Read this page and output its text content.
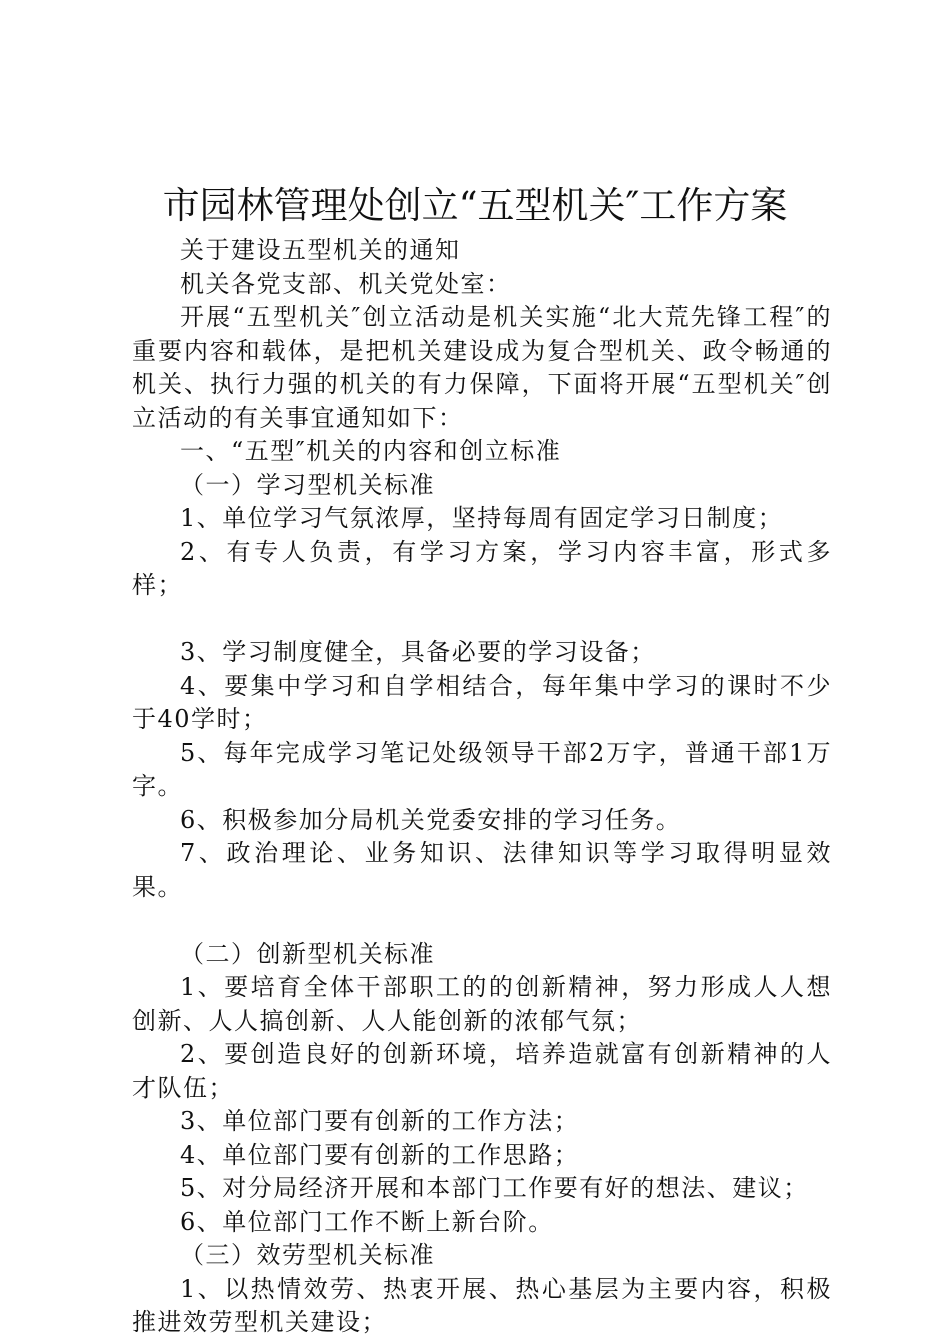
市园林管理处创立“五型机关″工作方案

关于建设五型机关的通知

机关各党支部、机关党处室：

开展“五型机关″创立活动是机关实施“北大荒先锋工程″的重要内容和载体，是把机关建设成为复合型机关、政令畅通的机关、执行力强的机关的有力保障，下面将开展“五型机关″创立活动的有关事宜通知如下：

一、“五型″机关的内容和创立标准

（一）学习型机关标准

1、单位学习气氛浓厚，坚持每周有固定学习日制度；

2、有专人负责，有学习方案，学习内容丰富，形式多样；

3、学习制度健全，具备必要的学习设备；

4、要集中学习和自学相结合，每年集中学习的课时不少于40学时；

5、每年完成学习笔记处级领导干部2万字，普通干部1万字。

6、积极参加分局机关党委安排的学习任务。

7、政治理论、业务知识、法律知识等学习取得明显效果。

（二）创新型机关标准

1、要培育全体干部职工的的创新精神，努力形成人人想创新、人人搞创新、人人能创新的浓郁气氛；

2、要创造良好的创新环境，培养造就富有创新精神的人才队伍；

3、单位部门要有创新的工作方法；

4、单位部门要有创新的工作思路；

5、对分局经济开展和本部门工作要有好的想法、建议；

6、单位部门工作不断上新台阶。

（三）效劳型机关标准

1、以热情效劳、热衷开展、热心基层为主要内容，积极推进效劳型机关建设；
